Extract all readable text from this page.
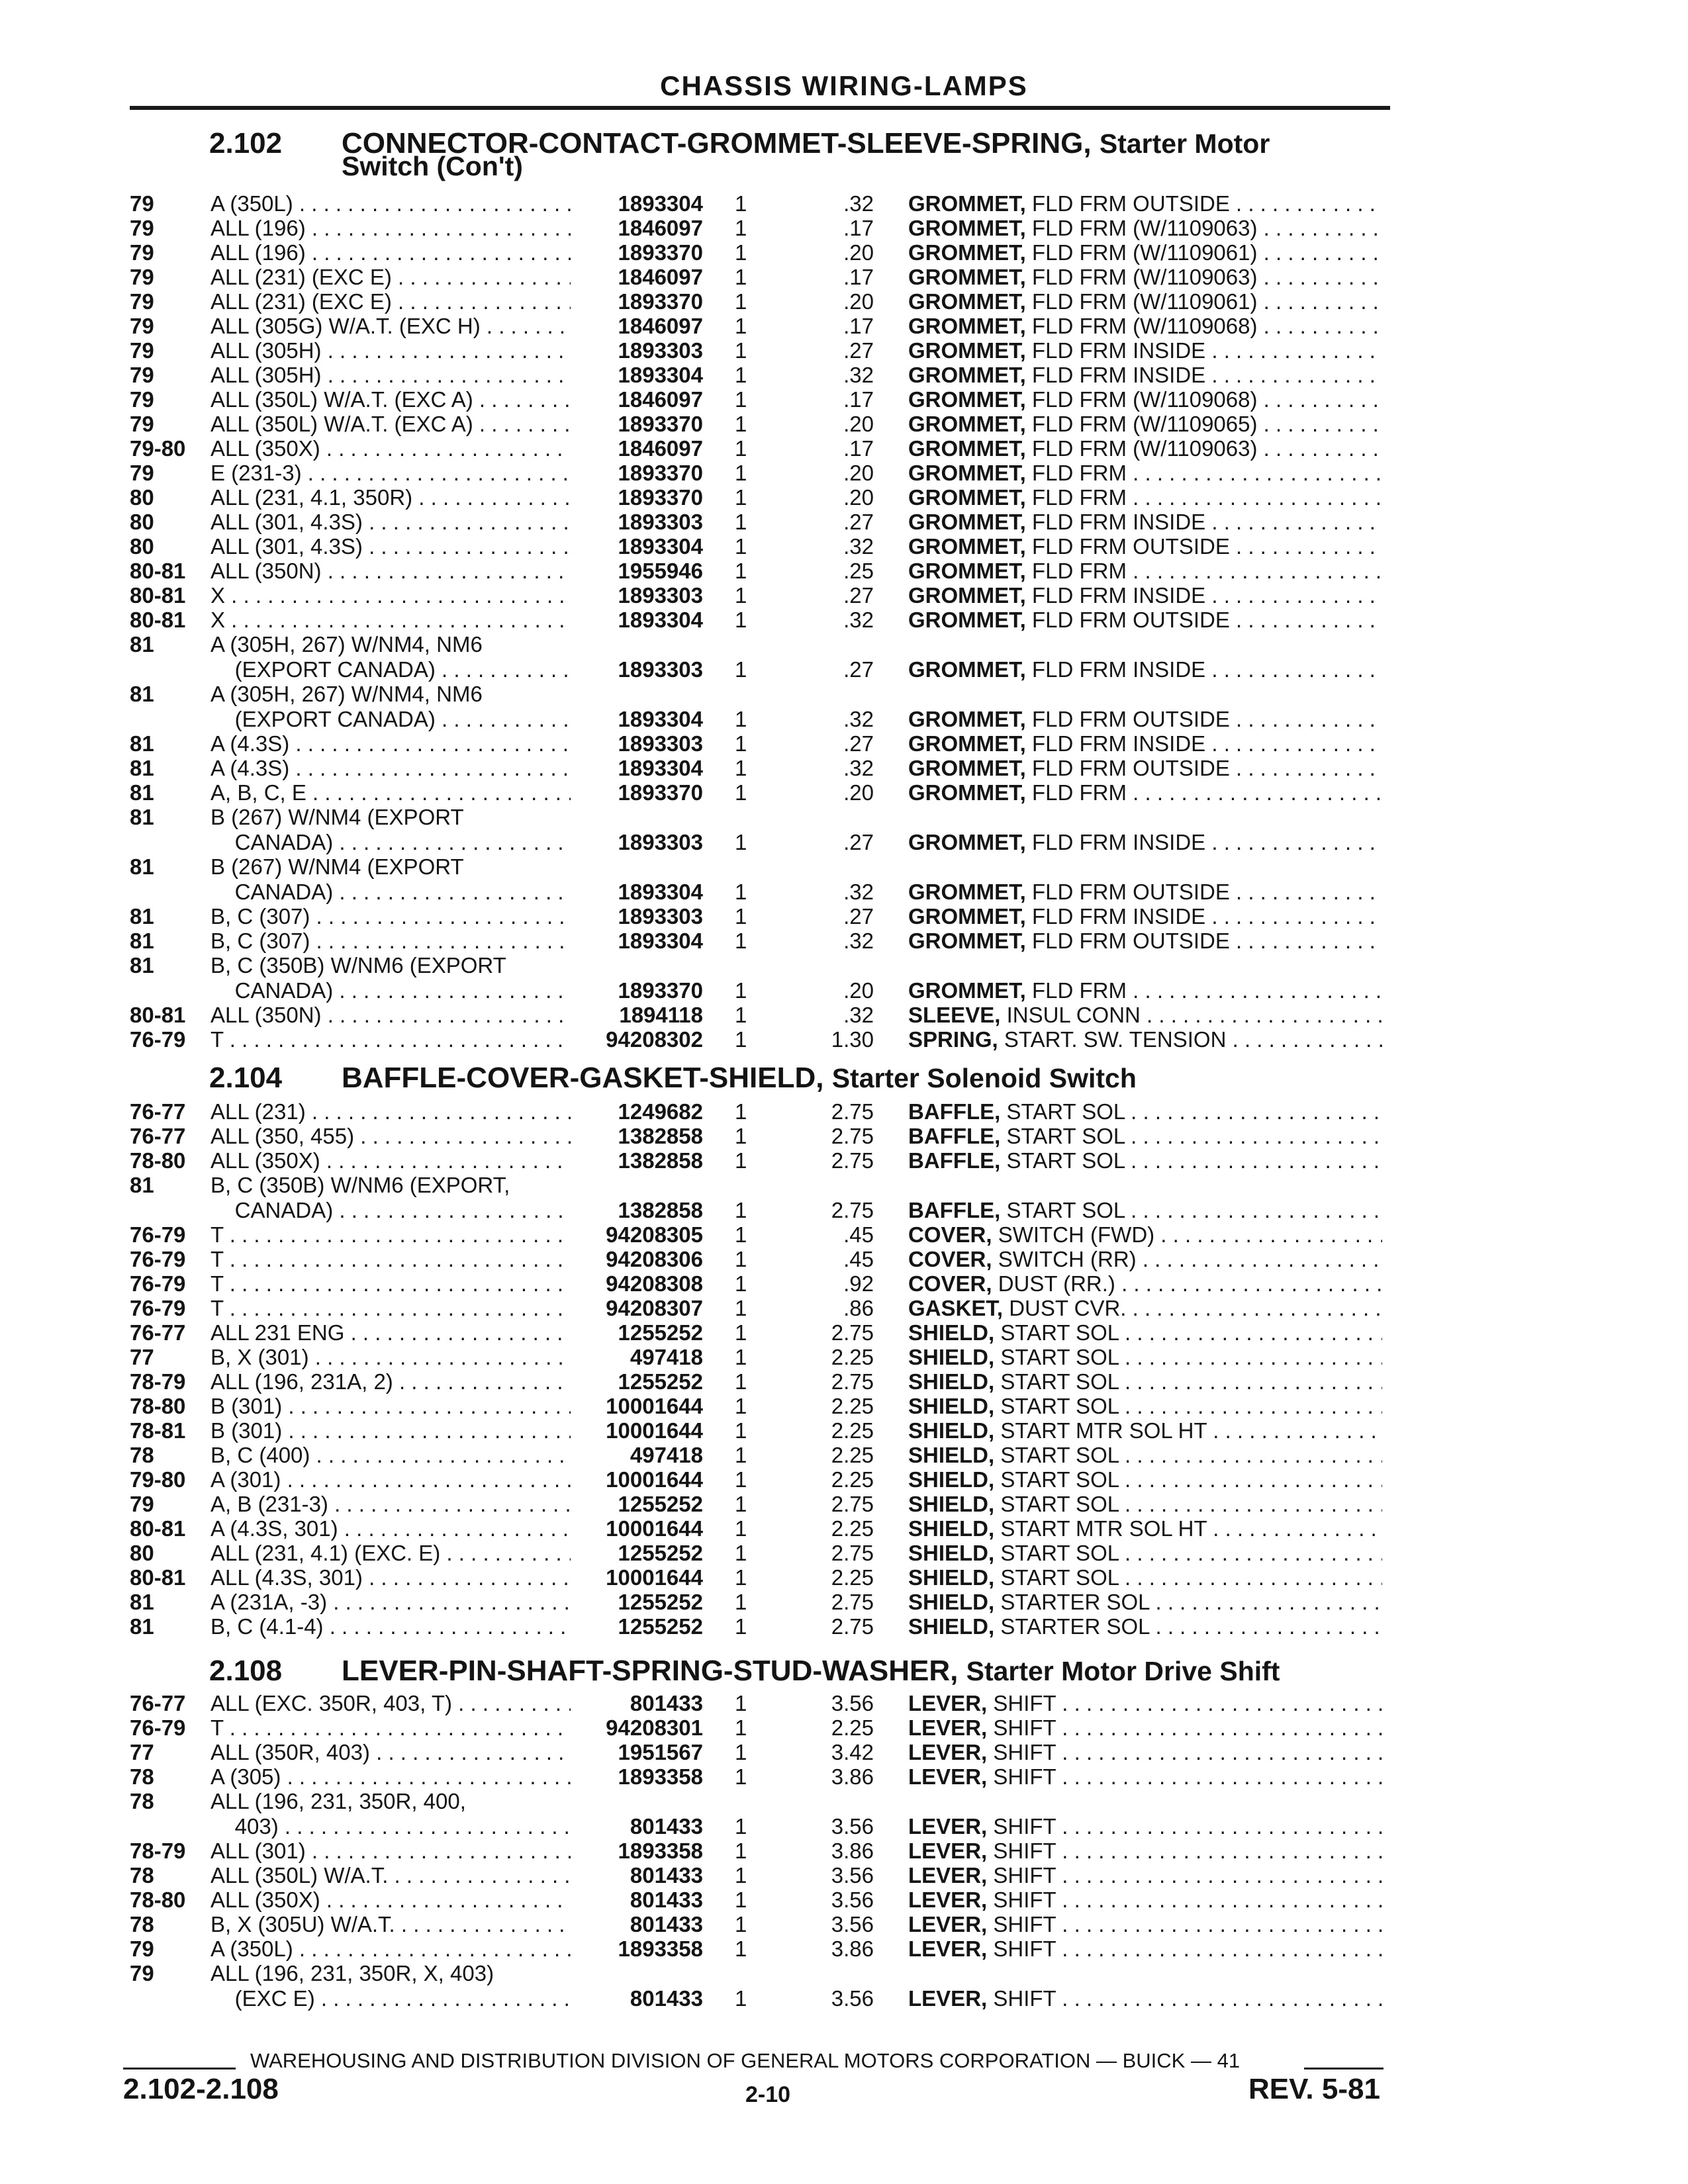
CHASSIS WIRING-LAMPS
2.102 CONNECTOR-CONTACT-GROMMET-SLEEVE-SPRING, Starter Motor
Switch (Con't)
2.104 BAFFLE-COVER-GASKET-SHIELD, Starter Solenoid Switch
2.108 LEVER-PIN-SHAFT-SPRING-STUD-WASHER, Starter Motor Drive Shift
79	A (350L) . . .	1893304 1	.32 GROMMET, FLD FRM OUTSIDE . . .
79	ALL (196) . . .	1846097 1	.17 GROMMET, FLD FRM (W/1109063) . . .
79	ALL (196) . . .	1893370 1	.20 GROMMET, FLD FRM (W/1109061) . . .
79	ALL (231) (EXC E) . . .	1846097 1	.17 GROMMET, FLD FRM (W/1109063) . . .
79	ALL (231) (EXC E) . . .	1893370 1	.20 GROMMET, FLD FRM (W/1109061) . . .
79	ALL (305G) W/A.T. (EXC H) . . .	1846097 1	.17 GROMMET, FLD FRM (W/1109068) . . .
79	ALL (305H) . . .	1893303 1	.27 GROMMET, FLD FRM INSIDE . . .
79	ALL (305H) . . .	1893304 1	.32 GROMMET, FLD FRM INSIDE . . .
79	ALL (350L) W/A.T. (EXC A) . . .	1846097 1	.17 GROMMET, FLD FRM (W/1109068) . . .
79	ALL (350L) W/A.T. (EXC A) . . .	1893370 1	.20 GROMMET, FLD FRM (W/1109065) . . .
79-80 ALL (350X) . . .	1846097 1	.17 GROMMET, FLD FRM (W/1109063) . . .
79	E (231-3) . . .	1893370 1	.20 GROMMET, FLD FRM . . .
80	ALL (231, 4.1, 350R) . . .	1893370 1	.20 GROMMET, FLD FRM . . .
80	ALL (301, 4.3S) . . .	1893303 1	.27 GROMMET, FLD FRM INSIDE . . .
80	ALL (301, 4.3S) . . .	1893304 1	.32 GROMMET, FLD FRM OUTSIDE . . .
80-81 ALL (350N) . . .	1955946 1	.25 GROMMET, FLD FRM . . .
80-81 X . . .	1893303 1	.27 GROMMET, FLD FRM INSIDE . . .
80-81 X . . .	1893304 1	.32 GROMMET, FLD FRM OUTSIDE . . .
81	A (305H, 267) W/NM4, NM6
(EXPORT CANADA) . . .	1893303 1	.27 GROMMET, FLD FRM INSIDE . . .
81	A (305H, 267) W/NM4, NM6
(EXPORT CANADA) . . .	1893304 1	.32 GROMMET, FLD FRM OUTSIDE . . .
81	A (4.3S) . . .	1893303 1	.27 GROMMET, FLD FRM INSIDE . . .
81	A (4.3S) . . .	1893304 1	.32 GROMMET, FLD FRM OUTSIDE . . .
81	A, B, C, E . . .	1893370 1	.20 GROMMET, FLD FRM . . .
81	B (267) W/NM4 (EXPORT
CANADA) . . .	1893303 1	.27 GROMMET, FLD FRM INSIDE . . .
81	B (267) W/NM4 (EXPORT
CANADA) . . .	1893304 1	.32 GROMMET, FLD FRM OUTSIDE . . .
81	B, C (307) . . .	1893303 1	.27 GROMMET, FLD FRM INSIDE . . .
81	B, C (307) . . .	1893304 1	.32 GROMMET, FLD FRM OUTSIDE . . .
81	B, C (350B) W/NM6 (EXPORT
CANADA) . . .	1893370 1	.20 GROMMET, FLD FRM . . .
80-81 ALL (350N) . . .	1894118 1	.32 SLEEVE, INSUL CONN . . .
76-79 T . . .	94208302 1	1.30 SPRING, START. SW. TENSION . . .
76-77 ALL (231) . . .	1249682 1	2.75 BAFFLE, START SOL . . .
76-77 ALL (350, 455) . . .	1382858 1	2.75 BAFFLE, START SOL . . .
78-80 ALL (350X) . . .	1382858 1	2.75 BAFFLE, START SOL . . .
81	B, C (350B) W/NM6 (EXPORT,
CANADA) . . .	1382858 1	2.75 BAFFLE, START SOL . . .
76-79 T . . .	94208305 1	.45 COVER, SWITCH (FWD) . . .
76-79 T . . .	94208306 1	.45 COVER, SWITCH (RR) . . .
76-79 T . . .	94208308 1	.92 COVER, DUST (RR.) . . .
76-79 T . . .	94208307 1	.86 GASKET, DUST CVR. . . .
76-77 ALL 231 ENG . . .	1255252 1	2.75 SHIELD, START SOL . . .
77	B, X (301) . . .	497418 1	2.25 SHIELD, START SOL . . .
78-79 ALL (196, 231A, 2) . . .	1255252 1	2.75 SHIELD, START SOL . . .
78-80 B (301) . . .	10001644 1	2.25 SHIELD, START SOL . . .
78-81 B (301) . . .	10001644 1	2.25 SHIELD, START MTR SOL HT . . .
78	B, C (400) . . .	497418 1	2.25 SHIELD, START SOL . . .
79-80 A (301) . . .	10001644 1	2.25 SHIELD, START SOL . . .
79	A, B (231-3) . . .	1255252 1	2.75 SHIELD, START SOL . . .
80-81 A (4.3S, 301) . . .	10001644 1	2.25 SHIELD, START MTR SOL HT . . .
80	ALL (231, 4.1) (EXC. E) . . .	1255252 1	2.75 SHIELD, START SOL . . .
80-81 ALL (4.3S, 301) . . .	10001644 1	2.25 SHIELD, START SOL . . .
81	A (231A, -3) . . .	1255252 1	2.75 SHIELD, STARTER SOL . . .
81	B, C (4.1-4) . . .	1255252 1	2.75 SHIELD, STARTER SOL . . .
76-77 ALL (EXC. 350R, 403, T) . . .	801433 1	3.56 LEVER, SHIFT . . .
76-79 T . . .	94208301 1	2.25 LEVER, SHIFT . . .
77	ALL (350R, 403) . . .	1951567 1	3.42 LEVER, SHIFT . . .
78	A (305) . . .	1893358 1	3.86 LEVER, SHIFT . . .
78	ALL (196, 231, 350R, 400,
403) . . .	801433 1	3.56 LEVER, SHIFT . . .
78-79 ALL (301) . . .	1893358 1	3.86 LEVER, SHIFT . . .
78	ALL (350L) W/A.T. . . .	801433 1	3.56 LEVER, SHIFT . . .
78-80 ALL (350X) . . .	801433 1	3.56 LEVER, SHIFT . . .
78	B, X (305U) W/A.T. . . .	801433 1	3.56 LEVER, SHIFT . . .
79	A (350L) . . .	1893358 1	3.86 LEVER, SHIFT . . .
79	ALL (196, 231, 350R, X, 403)
(EXC E) . . .	801433 1	3.56 LEVER, SHIFT . . .
WAREHOUSING AND DISTRIBUTION DIVISION OF GENERAL MOTORS CORPORATION — BUICK — 41
2.102-2.108	2-10	REV. 5-81
